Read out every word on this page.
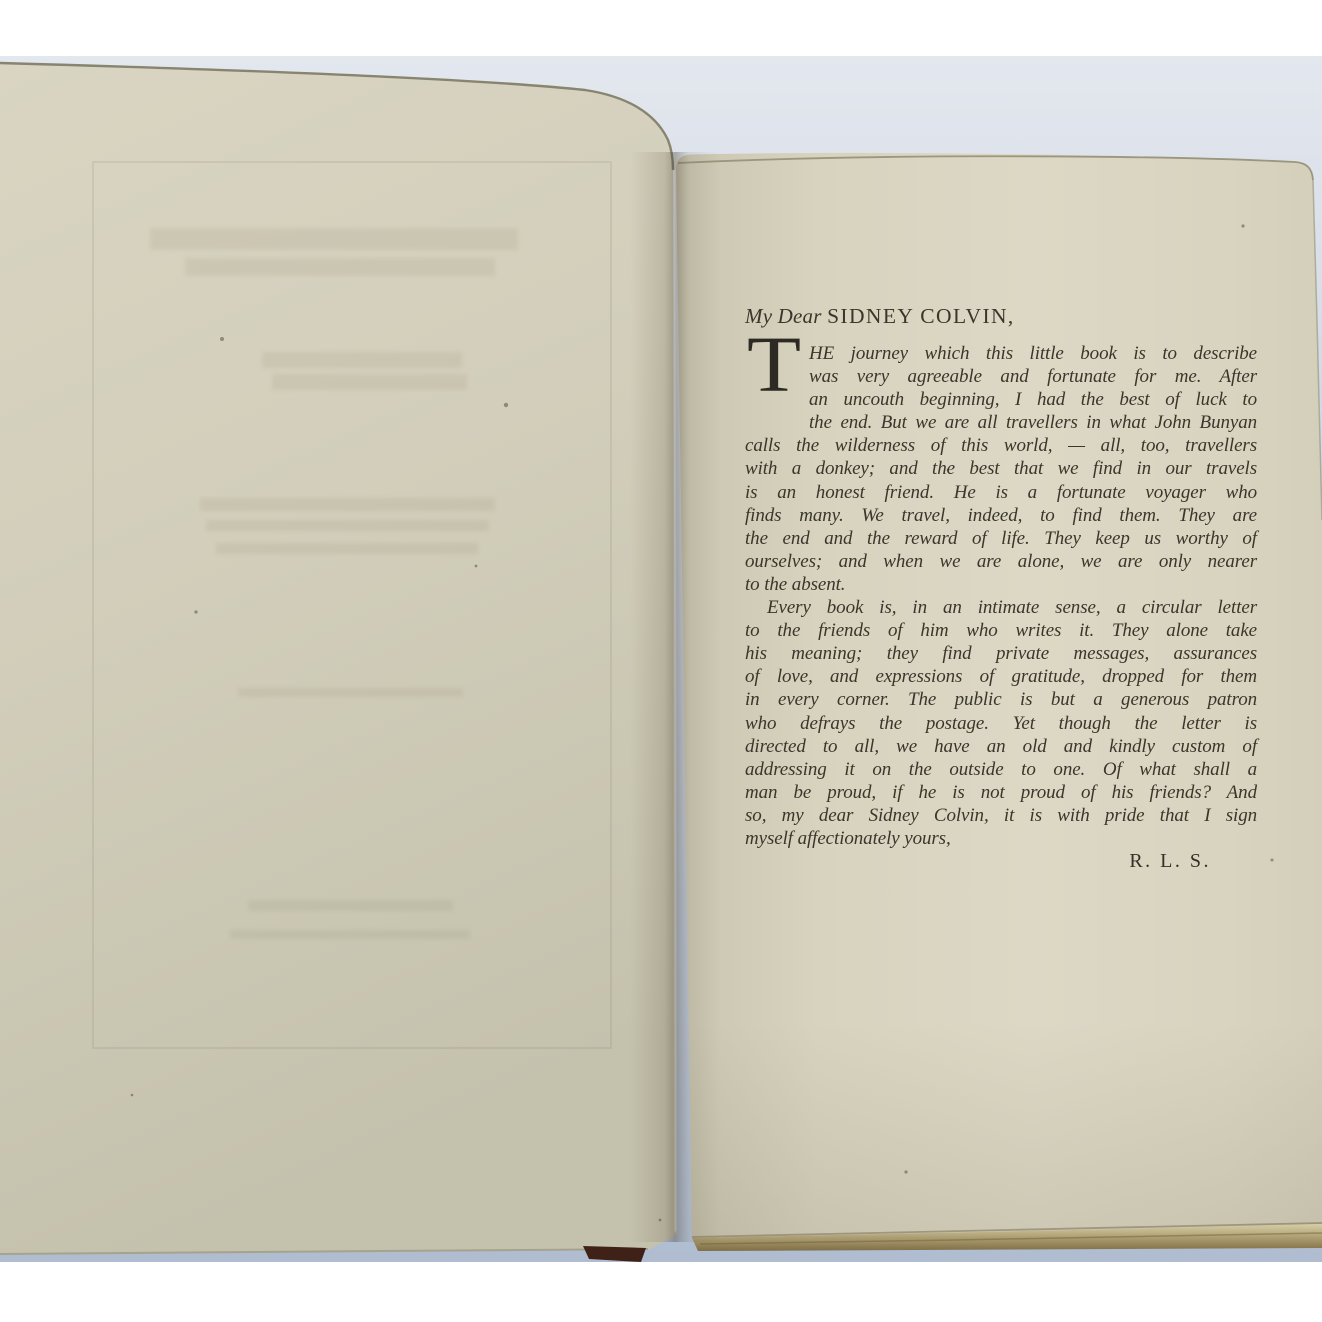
My Dear SIDNEY COLVIN,
T HE journey which this little book is to describe
was very agreeable and fortunate for me. After
an uncouth beginning, I had the best of luck to
the end. But we are all travellers in what John Bunyan
calls the wilderness of this world, — all, too, travellers
with a donkey; and the best that we find in our travels
is an honest friend. He is a fortunate voyager who
finds many. We travel, indeed, to find them. They are
the end and the reward of life. They keep us worthy of
ourselves; and when we are alone, we are only nearer
to the absent.
Every book is, in an intimate sense, a circular letter
to the friends of him who writes it. They alone take
his meaning; they find private messages, assurances
of love, and expressions of gratitude, dropped for them
in every corner. The public is but a generous patron
who defrays the postage. Yet though the letter is
directed to all, we have an old and kindly custom of
addressing it on the outside to one. Of what shall a
man be proud, if he is not proud of his friends? And
so, my dear Sidney Colvin, it is with pride that I sign
myself affectionately yours,
R. L. S.
